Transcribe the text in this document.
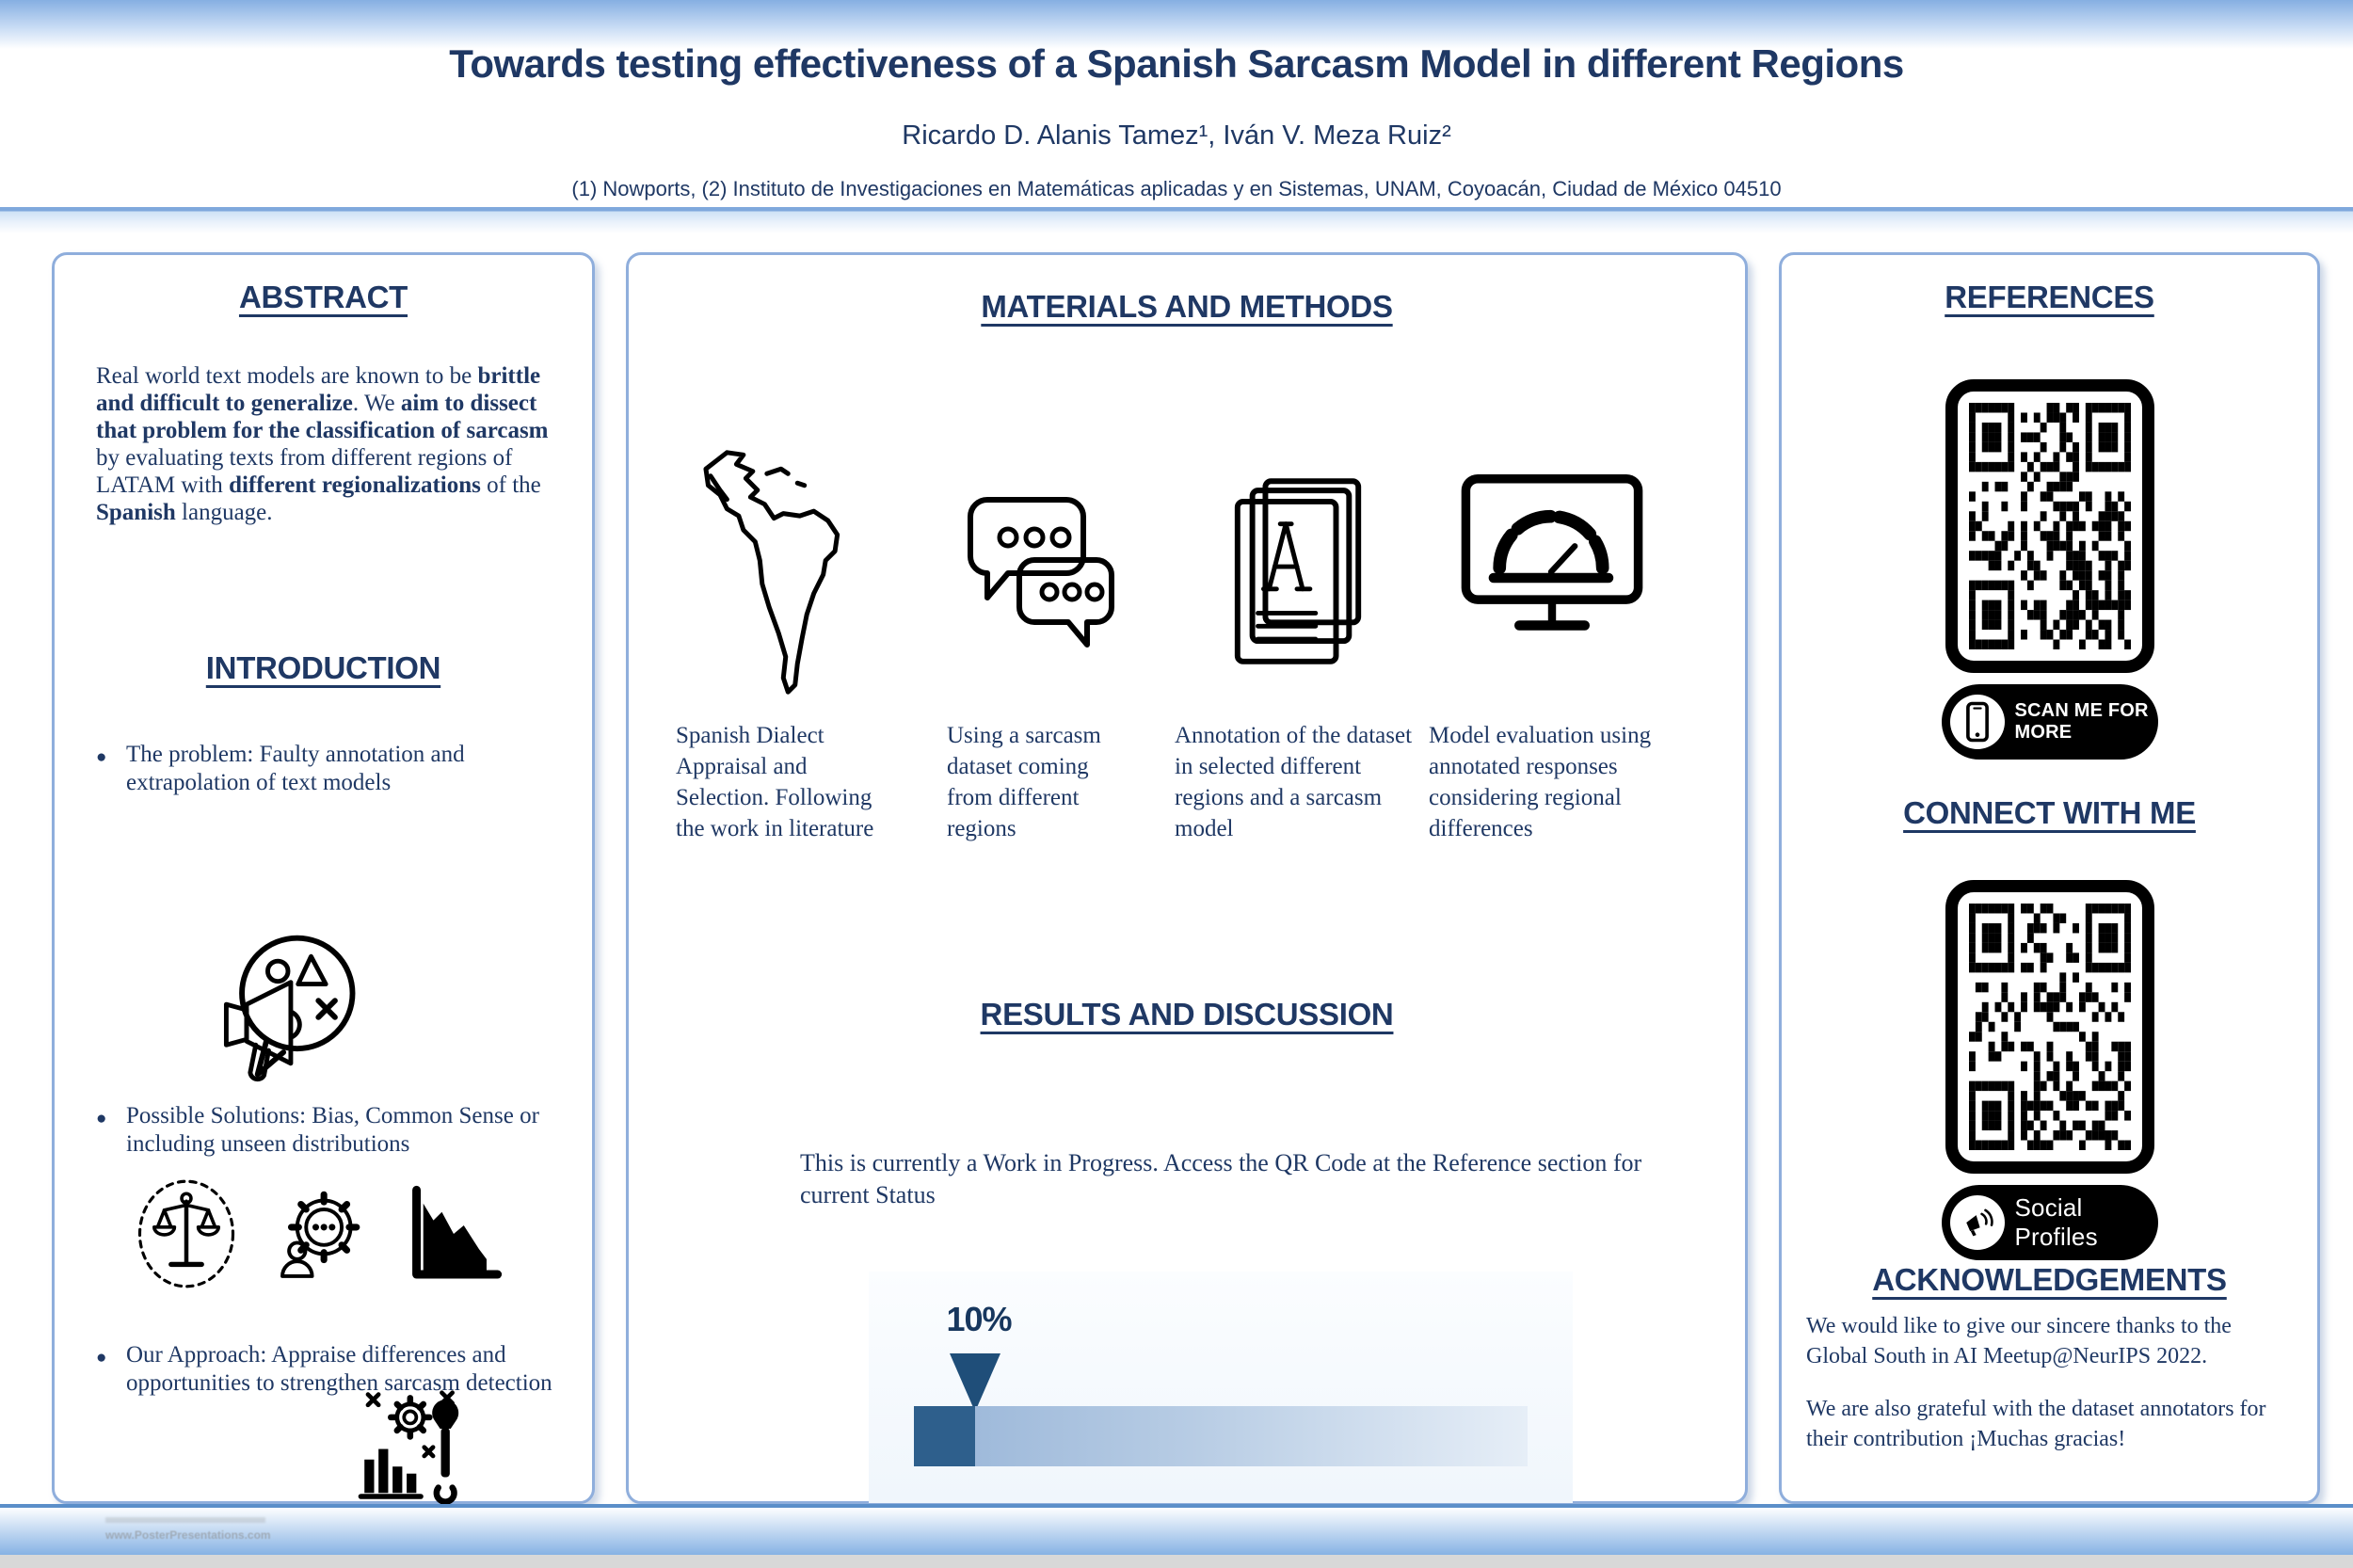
Towards testing effectiveness of a Spanish Sarcasm Model in different Regions
Ricardo D. Alanis Tamez¹, Iván V. Meza Ruiz²
(1) Nowports, (2) Instituto de Investigaciones en Matemáticas aplicadas y en Sistemas, UNAM, Coyoacán, Ciudad de México 04510
ABSTRACT
Real world text models are known to be brittle and difficult to generalize. We aim to dissect that problem for the classification of sarcasm by evaluating texts from different regions of LATAM with different regionalizations of the Spanish language.
INTRODUCTION
● The problem: Faulty annotation and extrapolation of text models
● Possible Solutions: Bias, Common Sense or including unseen distributions
● Our Approach: Appraise differences and opportunities to strengthen sarcasm detection
MATERIALS AND METHODS
Spanish Dialect Appraisal and Selection. Following the work in literature
Using a sarcasm dataset coming from different regions
Annotation of the dataset in selected different regions and a sarcasm model
Model evaluation using annotated responses considering regional differences
RESULTS AND DISCUSSION
This is currently a Work in Progress. Access the QR Code at the Reference section for current Status
10%
REFERENCES
SCAN ME FOR MORE
CONNECT WITH ME
Social Profiles
ACKNOWLEDGEMENTS
We would like to give our sincere thanks to the Global South in AI Meetup@NeurIPS 2022.
We are also grateful with the dataset annotators for their contribution ¡Muchas gracias!
www.PosterPresentations.com
